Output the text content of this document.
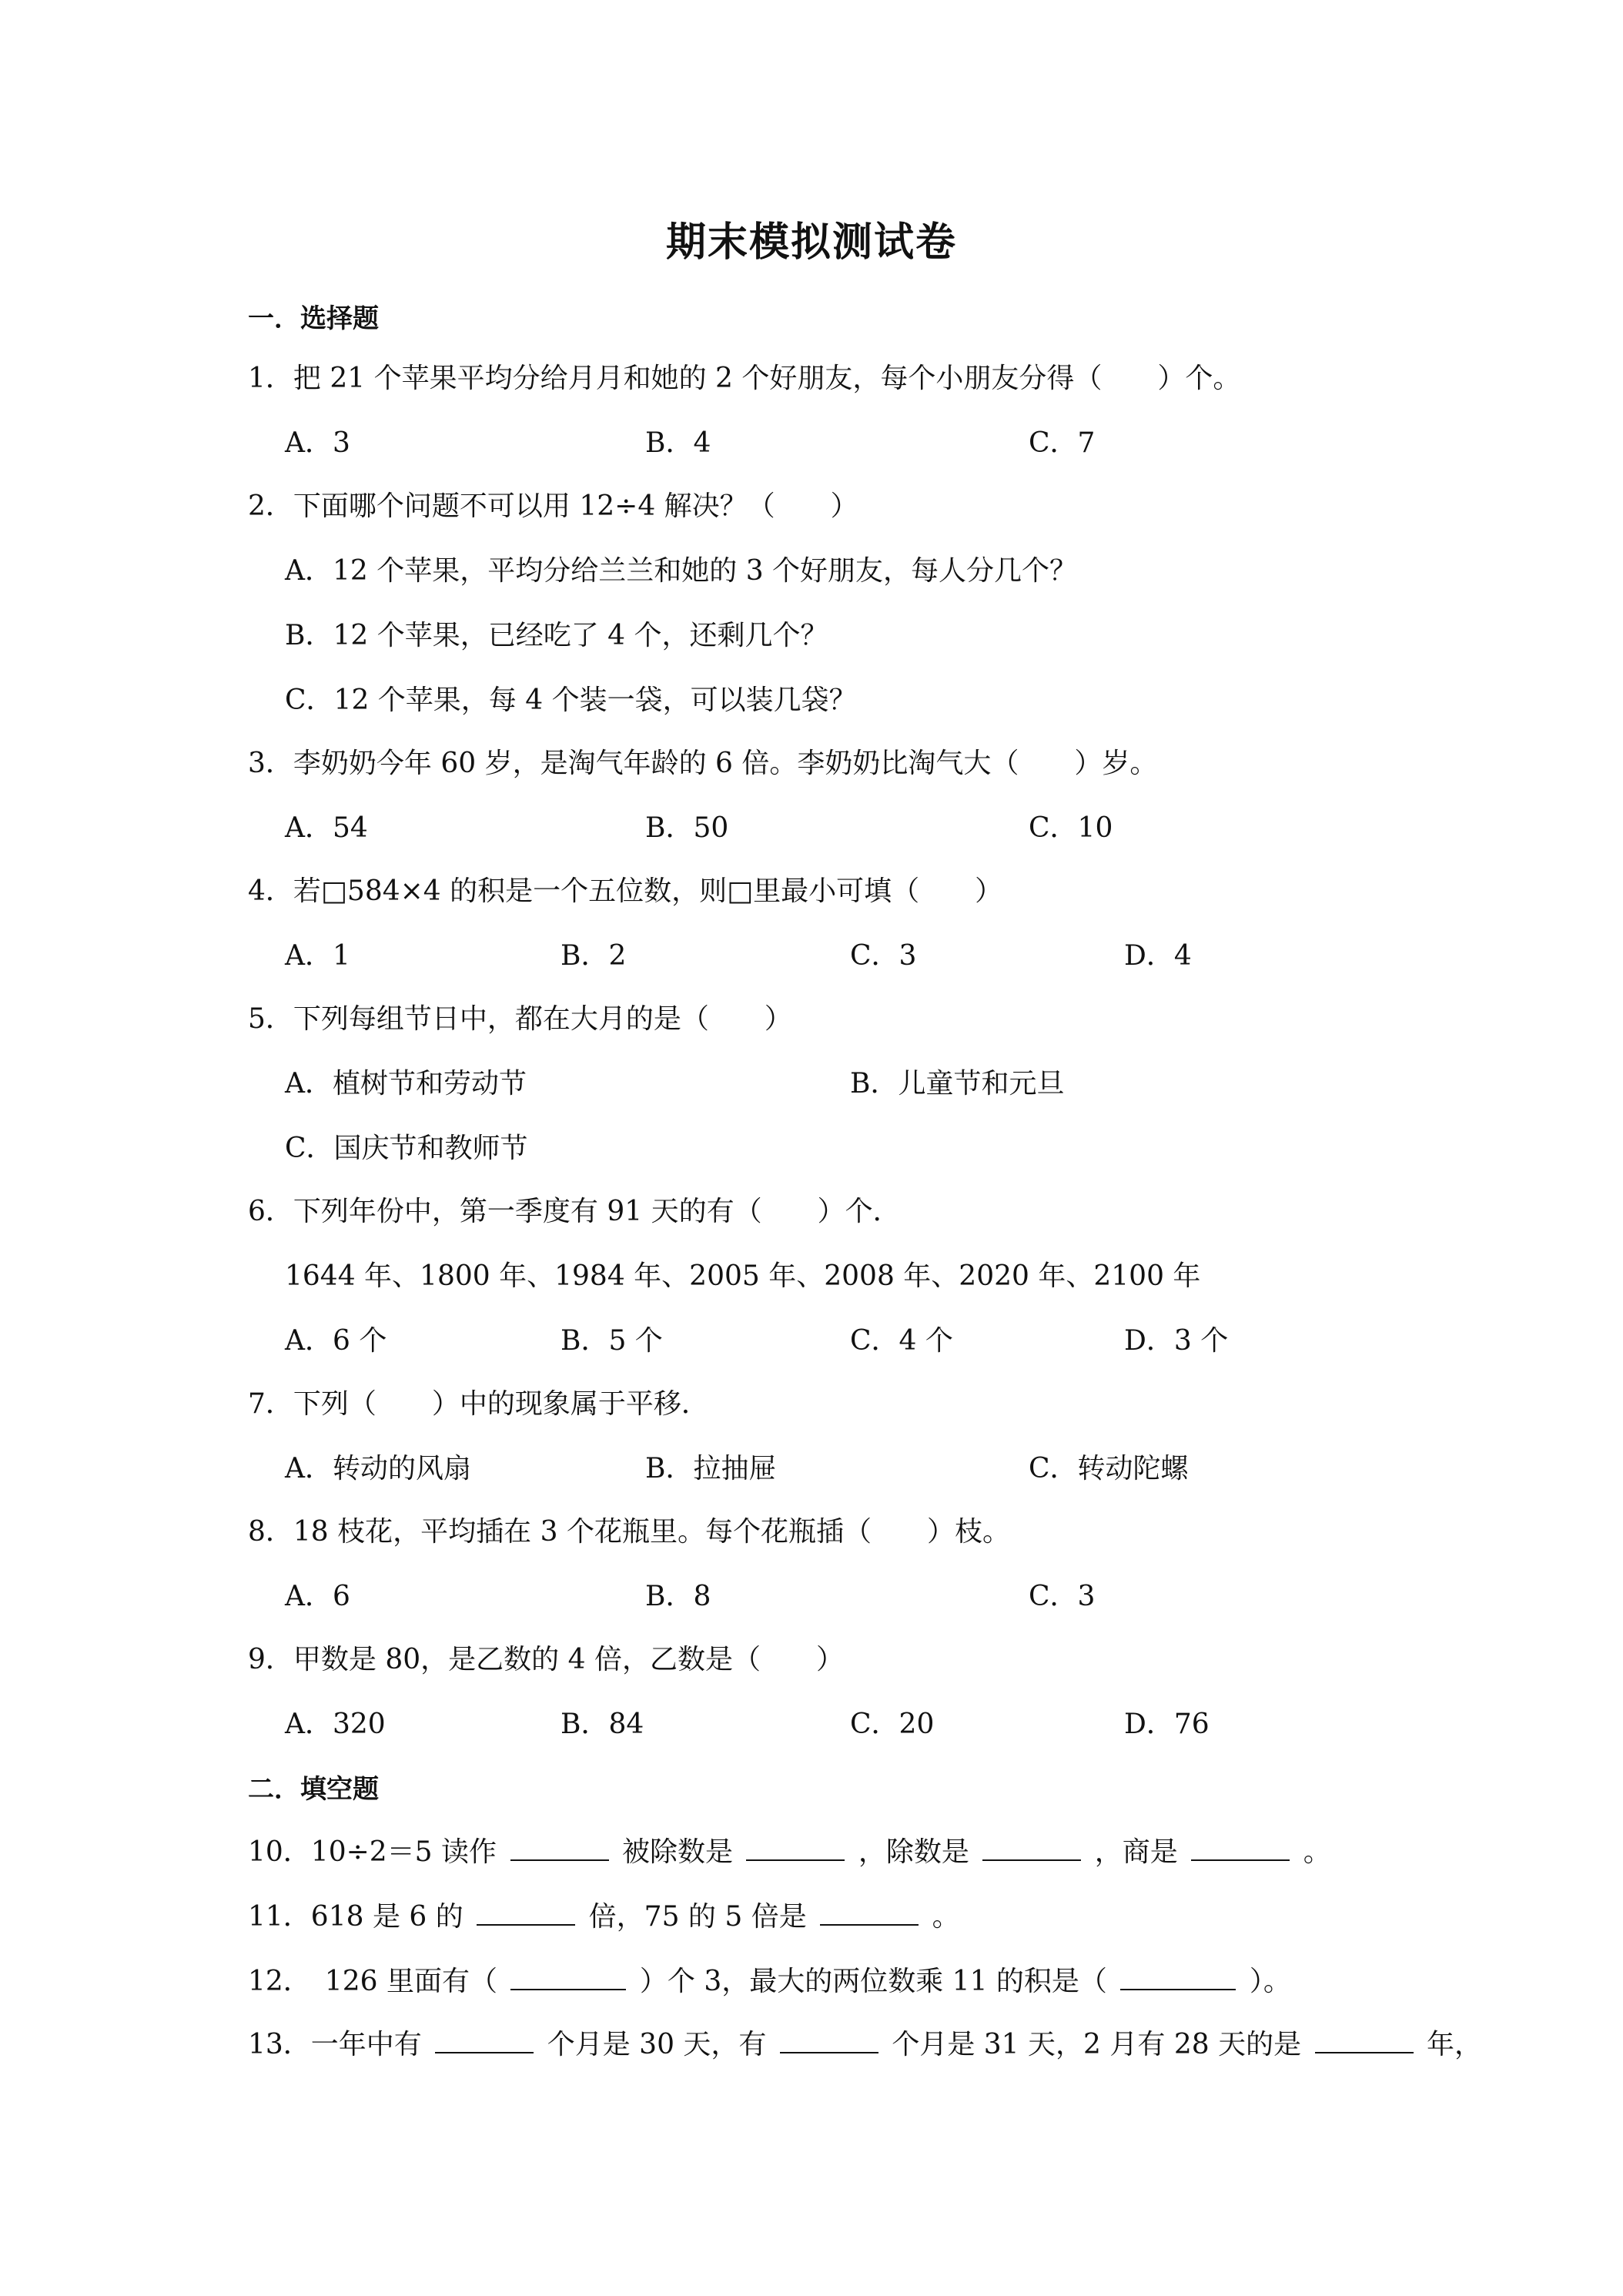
期末模拟测试卷
一．选择题
1．把 21 个苹果平均分给月月和她的 2 个好朋友，每个小朋友分得（　　）个。
A．3	B．4	C．7
2．下面哪个问题不可以用 12÷4 解决？（　　）
A．12 个苹果，平均分给兰兰和她的 3 个好朋友，每人分几个？
B．12 个苹果，已经吃了 4 个，还剩几个？
C．12 个苹果，每 4 个装一袋，可以装几袋？
3．李奶奶今年 60 岁，是淘气年龄的 6 倍。李奶奶比淘气大（　　）岁。
A．54	B．50	C．10
4．若□584×4 的积是一个五位数，则□里最小可填（　　）
A．1	B．2	C．3	D．4
5．下列每组节日中，都在大月的是（　　）
A．植树节和劳动节	B．儿童节和元旦
C．国庆节和教师节
6．下列年份中，第一季度有 91 天的有（　　）个．
1644 年、1800 年、1984 年、2005 年、2008 年、2020 年、2100 年
A．6 个	B．5 个	C．4 个	D．3 个
7．下列（　　）中的现象属于平移．
A．转动的风扇	B．拉抽屉	C．转动陀螺
8．18 枝花，平均插在 3 个花瓶里。每个花瓶插（　　）枝。
A．6	B．8	C．3
9．甲数是 80，是乙数的 4 倍，乙数是（　　）
A．320	B．84	C．20	D．76
二．填空题
10．10÷2＝5 读作	被除数是	，除数是	，商是	。
11．618 是 6 的	倍，75 的 5 倍是	。
12．　126 里面有（	）个 3，最大的两位数乘 11 的积是（	）。
13．一年中有	个月是 30 天，有	个月是 31 天，2 月有 28 天的是	年，
